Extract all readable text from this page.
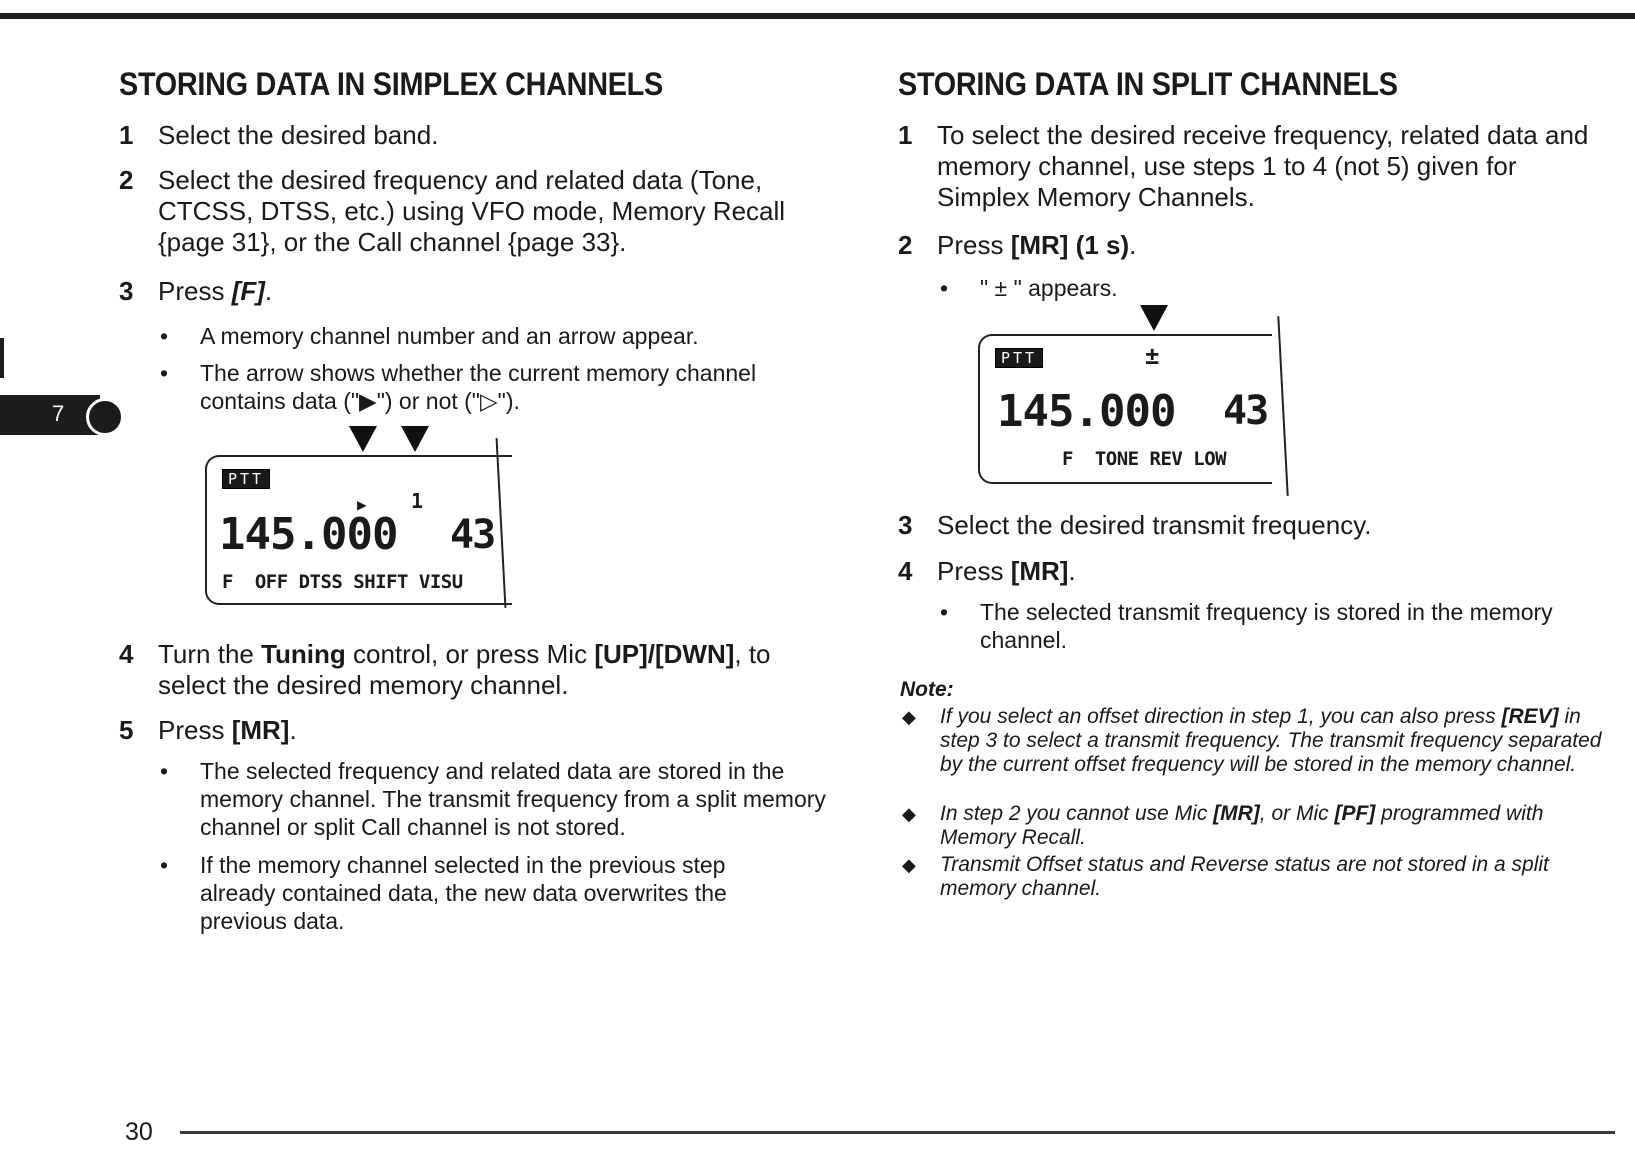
7
STORING DATA IN SIMPLEX CHANNELS
1 Select the desired band.
2 Select the desired frequency and related data (Tone, CTCSS, DTSS, etc.) using VFO mode, Memory Recall {page 31}, or the Call channel {page 33}.
3 Press [F].
• A memory channel number and an arrow appear.
• The arrow shows whether the current memory channel contains data ("▶") or not ("▷").
PTT
▶ 1
145.000 43
F  OFF DTSS SHIFT VISU
4 Turn the Tuning control, or press Mic [UP]/[DWN], to select the desired memory channel.
5 Press [MR].
• The selected frequency and related data are stored in the memory channel. The transmit frequency from a split memory channel or split Call channel is not stored.
• If the memory channel selected in the previous step already contained data, the new data overwrites the previous data.
STORING DATA IN SPLIT CHANNELS
1 To select the desired receive frequency, related data and memory channel, use steps 1 to 4 (not 5) given for Simplex Memory Channels.
2 Press [MR] (1 s).
• " ± " appears.
PTT	±
145.000 43
F  TONE REV LOW
3 Select the desired transmit frequency.
4 Press [MR].
• The selected transmit frequency is stored in the memory channel.
Note:
◆ If you select an offset direction in step 1, you can also press [REV] in step 3 to select a transmit frequency. The transmit frequency separated by the current offset frequency will be stored in the memory channel.
◆ In step 2 you cannot use Mic [MR], or Mic [PF] programmed with Memory Recall.
◆ Transmit Offset status and Reverse status are not stored in a split memory channel.
30
